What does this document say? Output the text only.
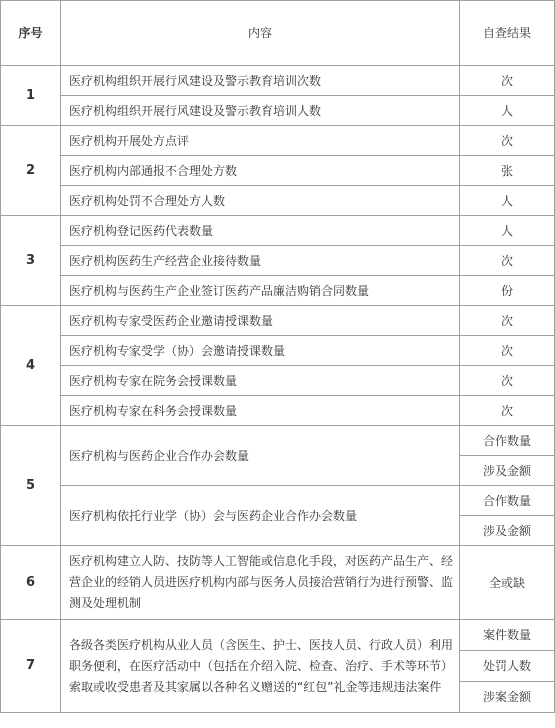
序号	内容	自查结果
1	医疗机构组织开展行风建设及警示教育培训次数	次
	医疗机构组织开展行风建设及警示教育培训人数	人
2	医疗机构开展处方点评	次
	医疗机构内部通报不合理处方数	张
	医疗机构处罚不合理处方人数	人
3	医疗机构登记医药代表数量	人
	医疗机构医药生产经营企业接待数量	次
	医疗机构与医药生产企业签订医药产品廉洁购销合同数量	份
4	医疗机构专家受医药企业邀请授课数量	次
	医疗机构专家受学（协）会邀请授课数量	次
	医疗机构专家在院务会授课数量	次
	医疗机构专家在科务会授课数量	次
5	医疗机构与医药企业合作办会数量	合作数量
		涉及金额
	医疗机构依托行业学（协）会与医药企业合作办会数量	合作数量
		涉及金额
6	医疗机构建立人防、技防等人工智能或信息化手段，对医药产品生产、经营企业的经销人员进医疗机构内部与医务人员接洽营销行为进行预警、监测及处理机制	全或缺
7	各级各类医疗机构从业人员（含医生、护士、医技人员、行政人员）利用职务便利，在医疗活动中（包括在介绍入院、检查、治疗、手术等环节）索取或收受患者及其家属以各种名义赠送的“红包”礼金等违规违法案件	案件数量
		处罚人数
		涉案金额
